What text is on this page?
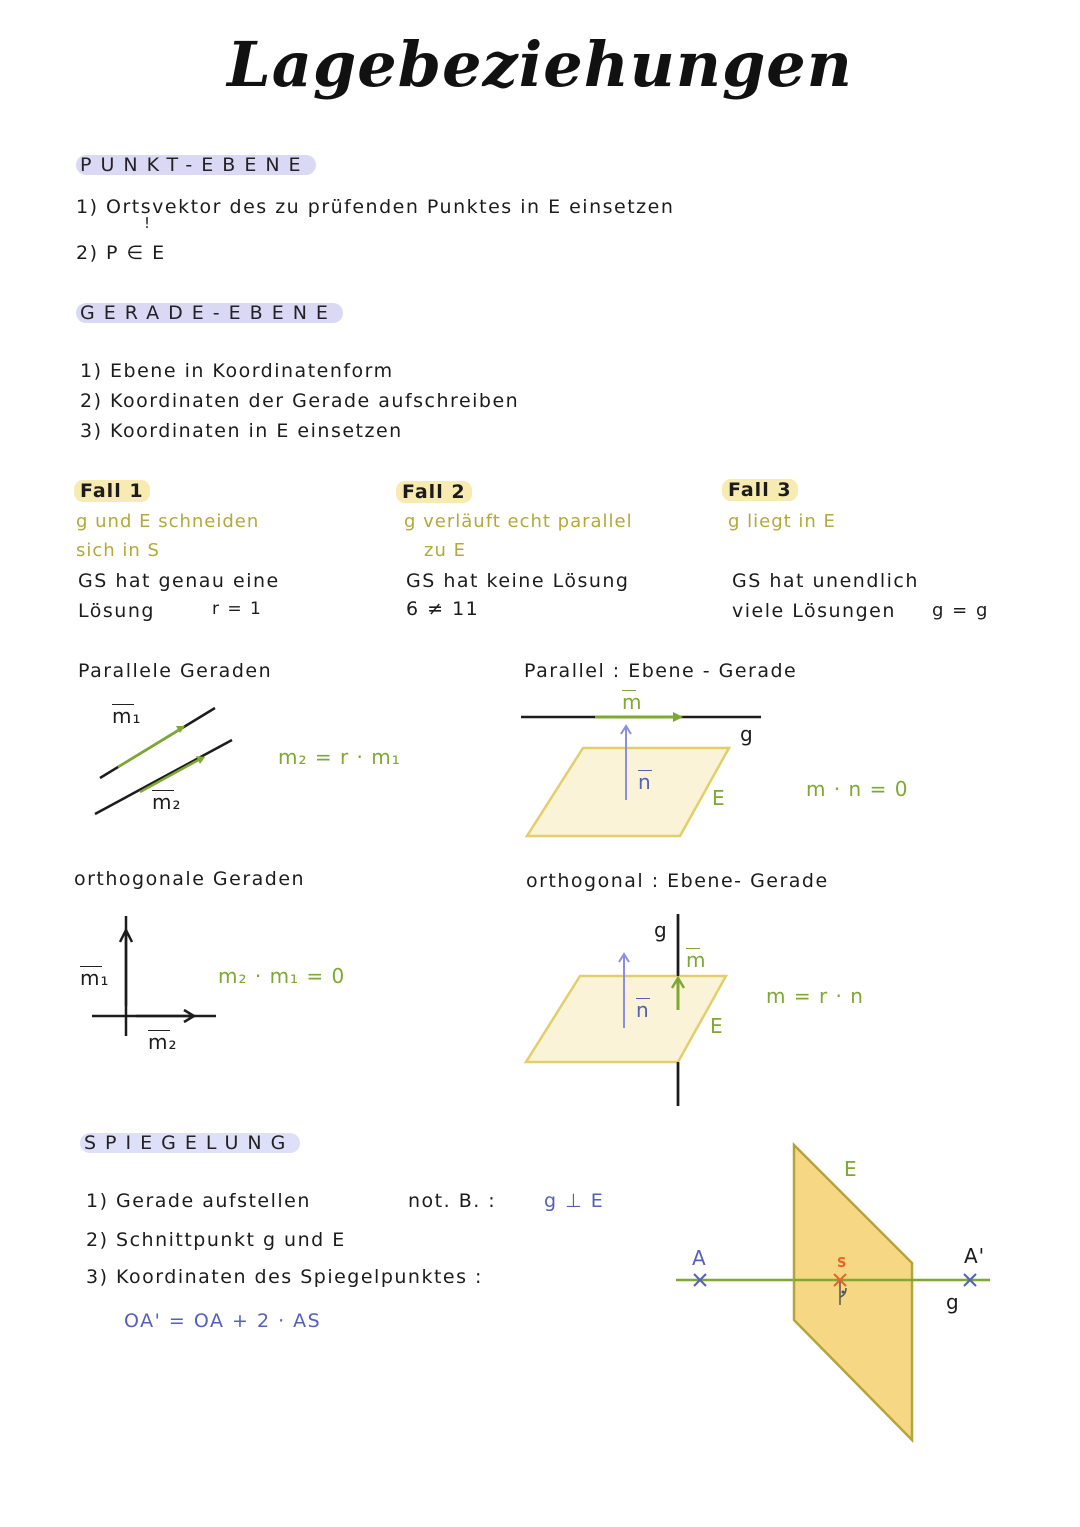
Lagebeziehungen
PUNKT-EBENE
1) Ortsvektor des zu prüfenden Punktes in E einsetzen
!
2) P ∈ E
GERADE-EBENE
1) Ebene in Koordinatenform
2) Koordinaten der Gerade aufschreiben
3) Koordinaten in E einsetzen
Fall 1
g und E schneiden
sich in S
GS hat genau eine
Lösung	r = 1
Fall 2
g verläuft echt parallel
zu E
GS hat keine Lösung
6 ≠ 11
Fall 3
g liegt in E
GS hat unendlich
viele Lösungen g = g
Parallele Geraden
m₁
m₂
m₂ = r · m₁
Parallel : Ebene - Gerade
m
g
n
E	m · n = 0
orthogonale Geraden
m₁
m₂
m₂ · m₁ = 0
orthogonal : Ebene- Gerade
g
m
n
E
m = r · n
SPIEGELUNG
1) Gerade aufstellen	not. B. :	g ⊥ E
2) Schnittpunkt g und E
3) Koordinaten des Spiegelpunktes :
OA' = OA + 2 · AS
E
A	S	A'
g
